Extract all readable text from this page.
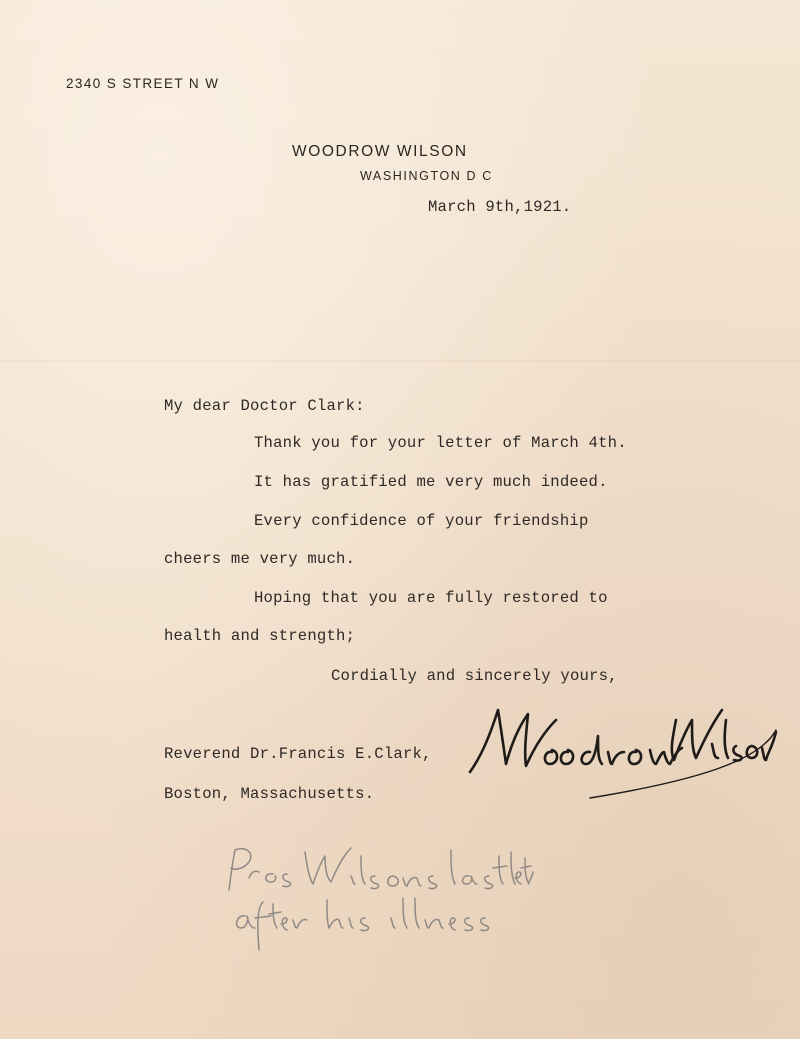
2340 S STREET N W
WOODROW WILSON
WASHINGTON D C
March 9th,1921.
My dear Doctor Clark:
Thank you for your letter of March 4th.
It has gratified me very much indeed.
Every confidence of your friendship
cheers me very much.
Hoping that you are fully restored to
health and strength;
Cordially and sincerely yours,
Reverend Dr.Francis E.Clark,
Boston, Massachusetts.
